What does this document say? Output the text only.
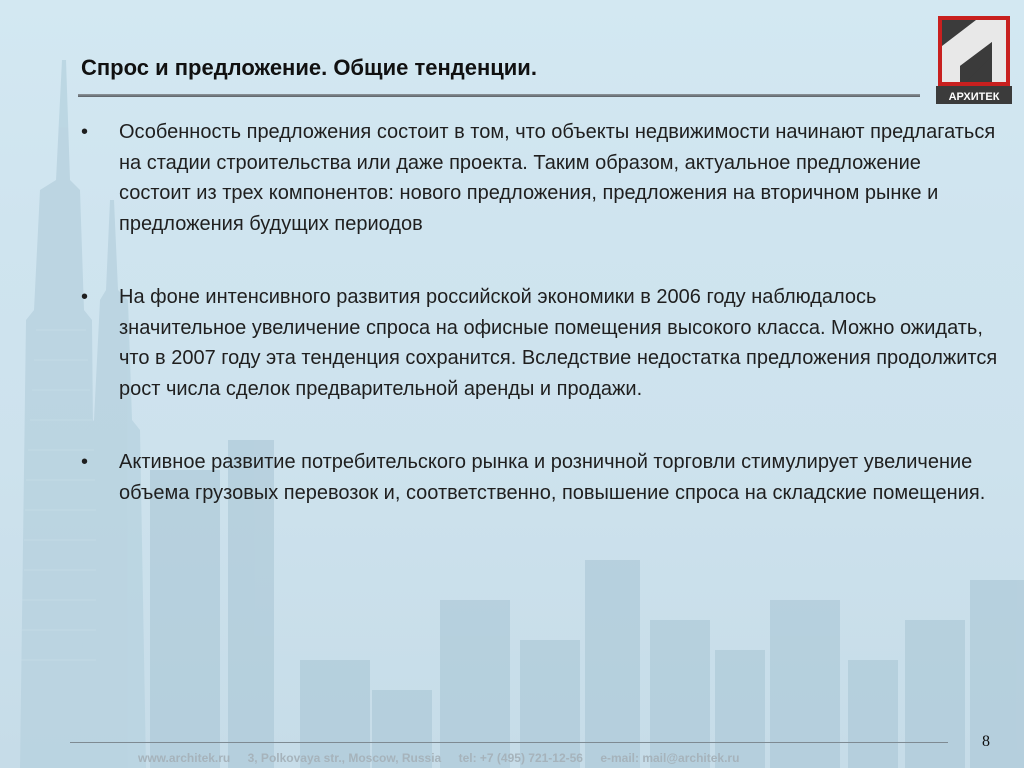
Спрос и предложение. Общие тенденции.
АРХИТЕК
• Особенность предложения состоит в том, что объекты недвижимости начинают предлагаться на стадии строительства или даже проекта. Таким образом, актуальное предложение состоит из трех компонентов: нового предложения, предложения на вторичном рынке и предложения будущих периодов
• На фоне интенсивного развития российской экономики в 2006 году наблюдалось значительное увеличение спроса на офисные помещения высокого класса. Можно ожидать, что в 2007 году эта тенденция сохранится. Вследствие недостатка предложения продолжится рост числа сделок предварительной аренды и продажи.
• Активное развитие потребительского рынка и розничной торговли стимулирует увеличение объема грузовых перевозок и, соответственно, повышение спроса на складские помещения.
www.architek.ru 3, Polkovaya str., Moscow, Russia tel: +7 (495) 721-12-56 e-mail: mail@architek.ru
8
